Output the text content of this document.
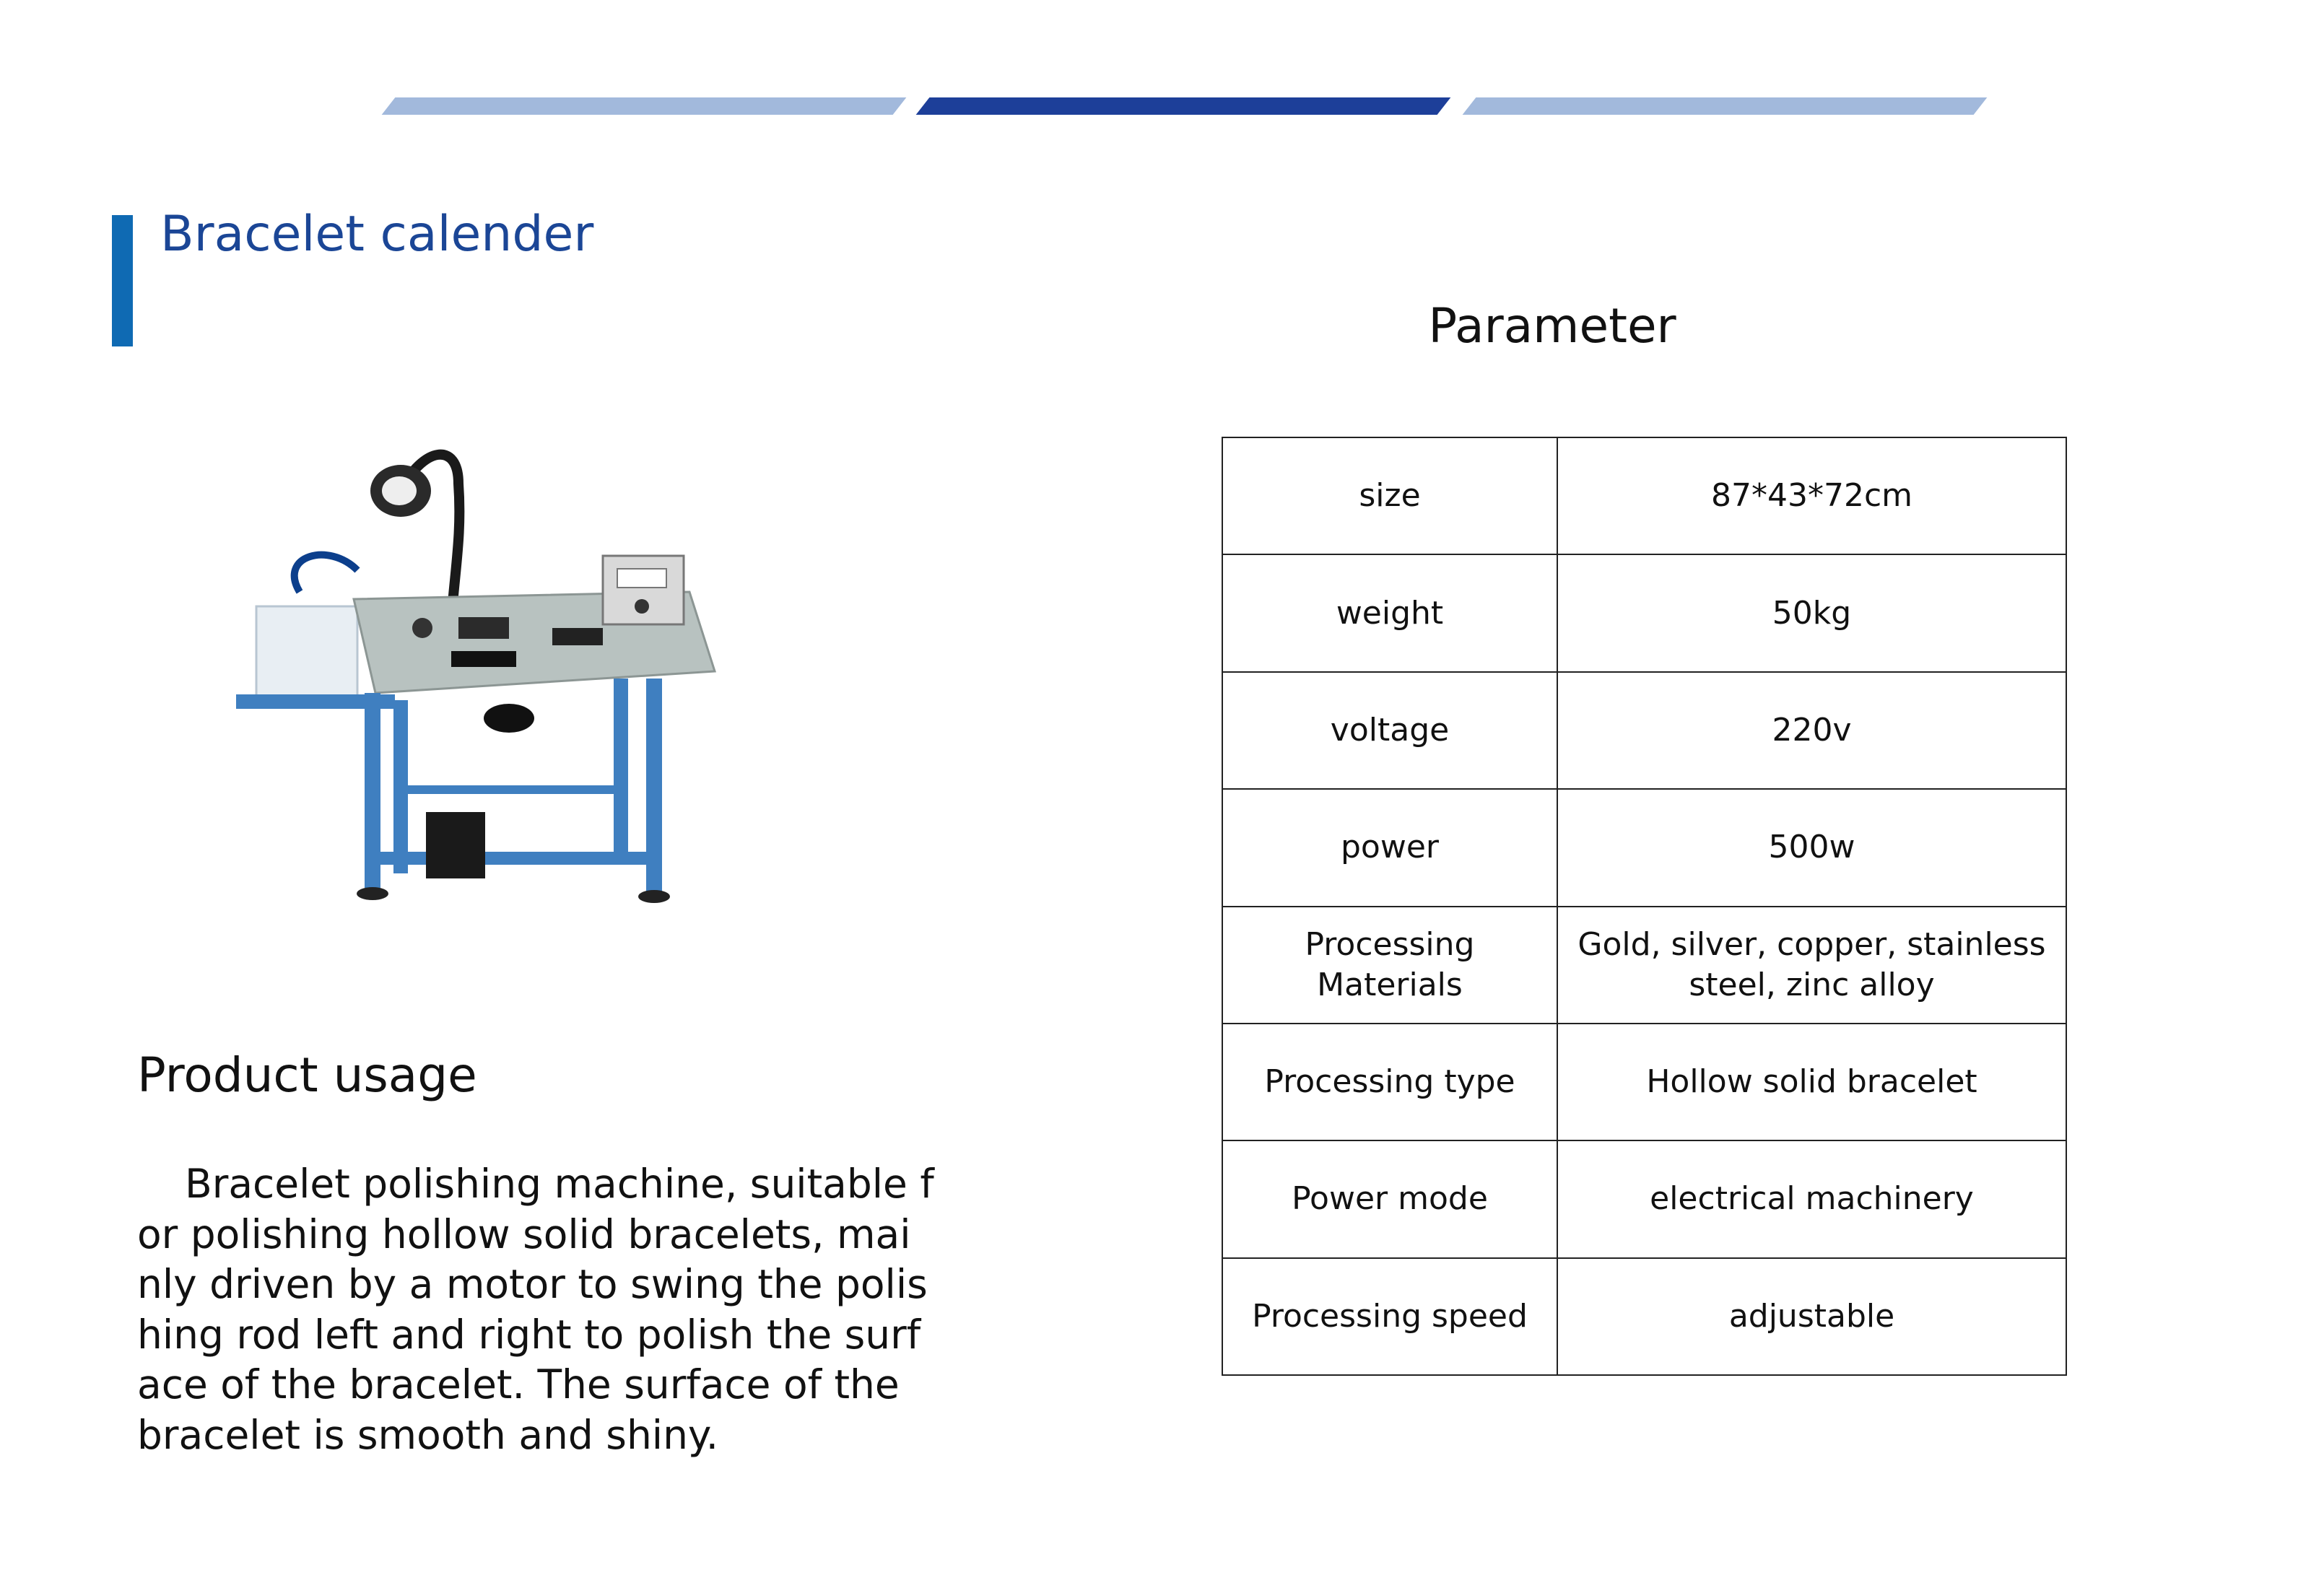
Bracelet calender
Product usage
Bracelet polishing machine, suitable for polishing hollow solid bracelets, mainly driven by a motor to swing the polishing rod left and right to polish the surface of the bracelet. The surface of the bracelet is smooth and shiny.
Parameter
size	87*43*72cm
weight	50kg
voltage	220v
power	500w
Processing Materials	Gold, silver, copper, stainless steel, zinc alloy
Processing type	Hollow solid bracelet
Power mode	electrical machinery
Processing speed	adjustable
